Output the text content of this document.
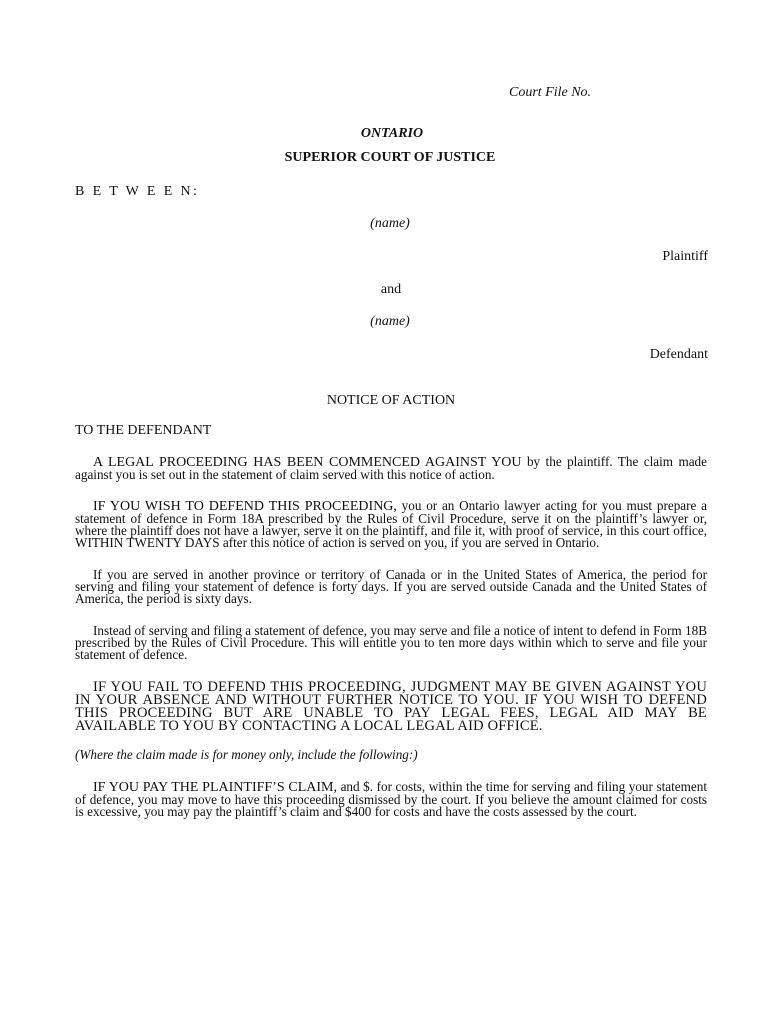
Court File No.
ONTARIO
SUPERIOR COURT OF JUSTICE
B E T W E E N:
(name)
Plaintiff
and
(name)
Defendant
NOTICE OF ACTION
TO THE DEFENDANT
A LEGAL PROCEEDING HAS BEEN COMMENCED AGAINST YOU by the plaintiff. The claim made against you is set out in the statement of claim served with this notice of action.
IF YOU WISH TO DEFEND THIS PROCEEDING, you or an Ontario lawyer acting for you must prepare a statement of defence in Form 18A prescribed by the Rules of Civil Procedure, serve it on the plaintiff’s lawyer or, where the plaintiff does not have a lawyer, serve it on the plaintiff, and file it, with proof of service, in this court office, WITHIN TWENTY DAYS after this notice of action is served on you, if you are served in Ontario.
If you are served in another province or territory of Canada or in the United States of America, the period for serving and filing your statement of defence is forty days. If you are served outside Canada and the United States of America, the period is sixty days.
Instead of serving and filing a statement of defence, you may serve and file a notice of intent to defend in Form 18B prescribed by the Rules of Civil Procedure. This will entitle you to ten more days within which to serve and file your statement of defence.
IF YOU FAIL TO DEFEND THIS PROCEEDING, JUDGMENT MAY BE GIVEN AGAINST YOU IN YOUR ABSENCE AND WITHOUT FURTHER NOTICE TO YOU. IF YOU WISH TO DEFEND THIS PROCEEDING BUT ARE UNABLE TO PAY LEGAL FEES, LEGAL AID MAY BE AVAILABLE TO YOU BY CONTACTING A LOCAL LEGAL AID OFFICE.
(Where the claim made is for money only, include the following:)
IF YOU PAY THE PLAINTIFF’S CLAIM, and $. for costs, within the time for serving and filing your statement of defence, you may move to have this proceeding dismissed by the court. If you believe the amount claimed for costs is excessive, you may pay the plaintiff’s claim and $400 for costs and have the costs assessed by the court.
